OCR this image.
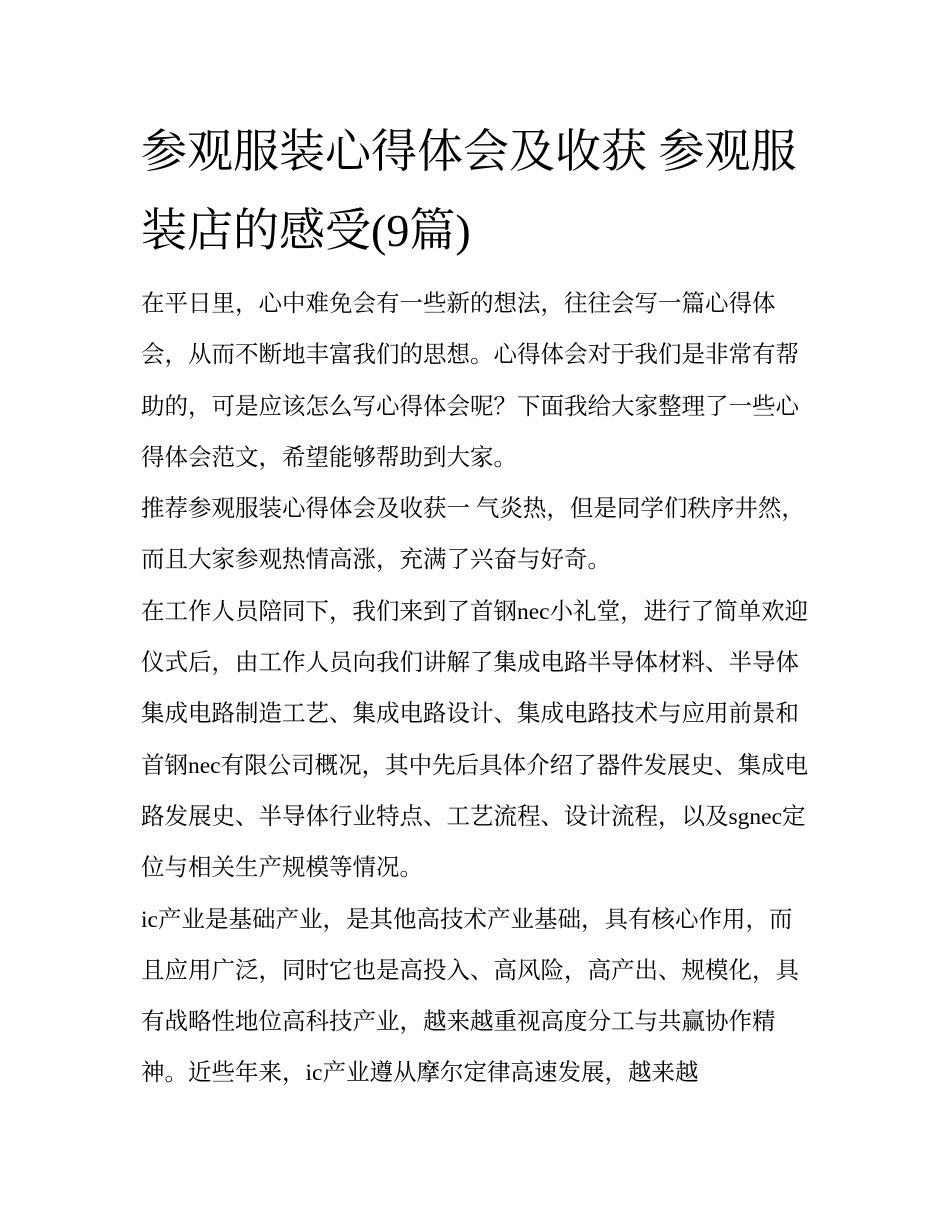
参观服装心得体会及收获 参观服装店的感受(9篇)

在平日里，心中难免会有一些新的想法，往往会写一篇心得体会，从而不断地丰富我们的思想。心得体会对于我们是非常有帮助的，可是应该怎么写心得体会呢？下面我给大家整理了一些心得体会范文，希望能够帮助到大家。

推荐参观服装心得体会及收获一 气炎热，但是同学们秩序井然，而且大家参观热情高涨，充满了兴奋与好奇。

在工作人员陪同下，我们来到了首钢nec小礼堂，进行了简单欢迎仪式后，由工作人员向我们讲解了集成电路半导体材料、半导体集成电路制造工艺、集成电路设计、集成电路技术与应用前景和首钢nec有限公司概况，其中先后具体介绍了器件发展史、集成电路发展史、半导体行业特点、工艺流程、设计流程，以及sgnec定位与相关生产规模等情况。

ic产业是基础产业，是其他高技术产业基础，具有核心作用，而且应用广泛，同时它也是高投入、高风险，高产出、规模化，具有战略性地位高科技产业，越来越重视高度分工与共赢协作精神。近些年来，ic产业遵从摩尔定律高速发展，越来越
